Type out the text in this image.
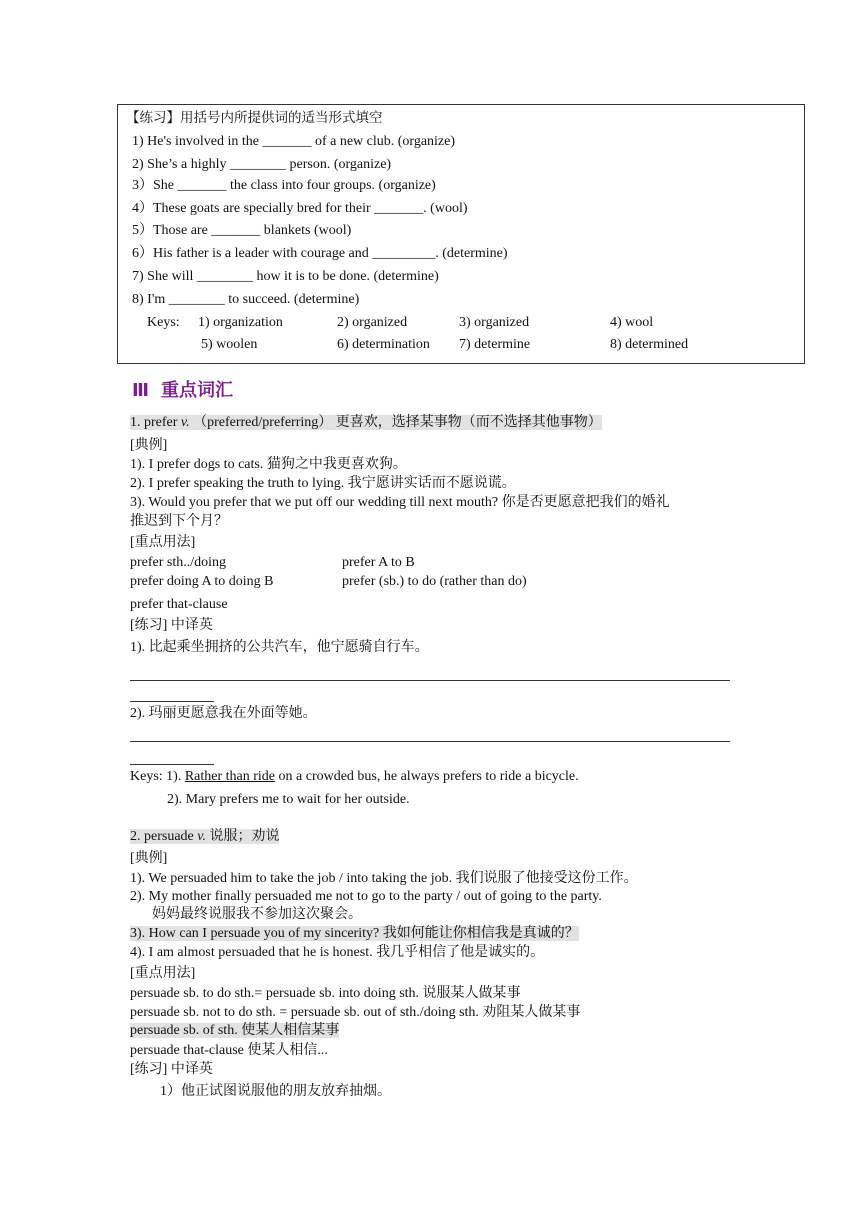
【练习】用括号内所提供词的适当形式填空
1) He's involved in the _______ of a new club. (organize)
2) She’s a highly ________ person. (organize)
3）She _______ the class into four groups. (organize)
4）These goats are specially bred for their _______. (wool)
5）Those are _______ blankets (wool)
6）His father is a leader with courage and _________. (determine)
7) She will ________ how it is to be done. (determine)
8) I'm ________ to succeed. (determine)
Keys: 1) organization	2) organized	3) organized	4) wool
5) woolen	6) determination 7) determine	8) determined
Ⅲ 重点词汇
1. prefer v. （preferred/preferring） 更喜欢，选择某事物（而不选择其他事物）
[典例]
1). I prefer dogs to cats. 猫狗之中我更喜欢狗。
2). I prefer speaking the truth to lying. 我宁愿讲实话而不愿说谎。
3). Would you prefer that we put off our wedding till next mouth? 你是否更愿意把我们的婚礼
推迟到下个月？
[重点用法]
prefer sth../doing	prefer A to B
prefer doing A to doing B	prefer (sb.) to do (rather than do)
prefer that-clause
[练习] 中译英
1). 比起乘坐拥挤的公共汽车，他宁愿骑自行车。
2). 玛丽更愿意我在外面等她。
Keys: 1). Rather than ride on a crowded bus, he always prefers to ride a bicycle.
2). Mary prefers me to wait for her outside.
2. persuade v. 说服；劝说
[典例]
1). We persuaded him to take the job / into taking the job. 我们说服了他接受这份工作。
2). My mother finally persuaded me not to go to the party / out of going to the party.
妈妈最终说服我不参加这次聚会。
3). How can I persuade you of my sincerity? 我如何能让你相信我是真诚的？
4). I am almost persuaded that he is honest. 我几乎相信了他是诚实的。
[重点用法]
persuade sb. to do sth.= persuade sb. into doing sth. 说服某人做某事
persuade sb. not to do sth. = persuade sb. out of sth./doing sth. 劝阻某人做某事
persuade sb. of sth. 使某人相信某事
persuade that-clause 使某人相信...
[练习] 中译英
1）他正试图说服他的朋友放弃抽烟。
